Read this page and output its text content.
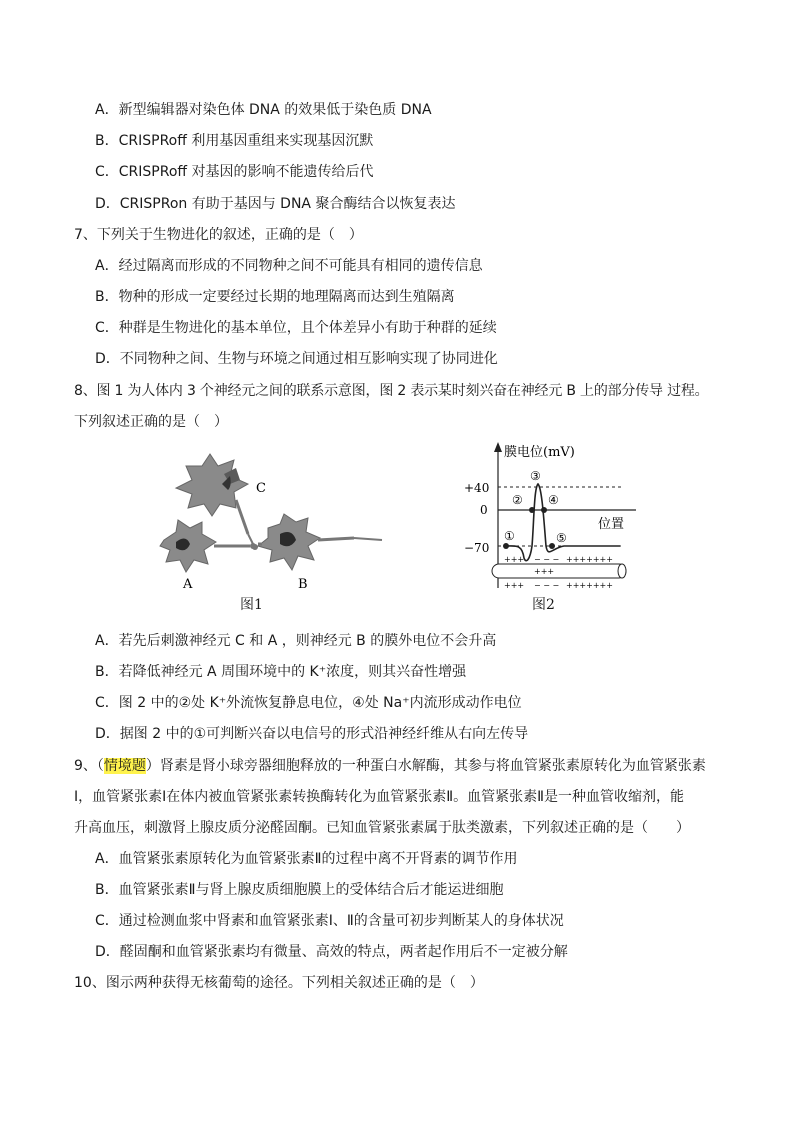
A．新型编辑器对染色体 DNA 的效果低于染色质 DNA
B．CRISPRoff 利用基因重组来实现基因沉默
C．CRISPRoff 对基因的影响不能遗传给后代
D．CRISPRon 有助于基因与 DNA 聚合酶结合以恢复表达
7、下列关于生物进化的叙述，正确的是（　）
A．经过隔离而形成的不同物种之间不可能具有相同的遗传信息
B．物种的形成一定要经过长期的地理隔离而达到生殖隔离
C．种群是生物进化的基本单位，且个体差异小有助于种群的延续
D．不同物种之间、生物与环境之间通过相互影响实现了协同进化
8、图 1 为人体内 3 个神经元之间的联系示意图，图 2 表示某时刻兴奋在神经元 B 上的部分传导 过程。
下列叙述正确的是（　）
C
A	B
图1
膜电位(mV)
位置
+40
0
−70
①
②
③
④
⑤
+++ − − − +++++++
+++
+++ − − − +++++++
图2
A．若先后刺激神经元 C 和 A ，则神经元 B 的膜外电位不会升高
B．若降低神经元 A 周围环境中的 K⁺浓度，则其兴奋性增强
C．图 2 中的②处 K⁺外流恢复静息电位，④处 Na⁺内流形成动作电位
D．据图 2 中的①可判断兴奋以电信号的形式沿神经纤维从右向左传导
9、（情境题）肾素是肾小球旁器细胞释放的一种蛋白水解酶，其参与将血管紧张素原转化为血管紧张素
Ⅰ，血管紧张素Ⅰ在体内被血管紧张素转换酶转化为血管紧张素Ⅱ。血管紧张素Ⅱ是一种血管收缩剂，能
升高血压，刺激肾上腺皮质分泌醛固酮。已知血管紧张素属于肽类激素，下列叙述正确的是（　　）
A．血管紧张素原转化为血管紧张素Ⅱ的过程中离不开肾素的调节作用
B．血管紧张素Ⅱ与肾上腺皮质细胞膜上的受体结合后才能运进细胞
C．通过检测血浆中肾素和血管紧张素Ⅰ、Ⅱ的含量可初步判断某人的身体状况
D．醛固酮和血管紧张素均有微量、高效的特点，两者起作用后不一定被分解
10、图示两种获得无核葡萄的途径。下列相关叙述正确的是（　）
